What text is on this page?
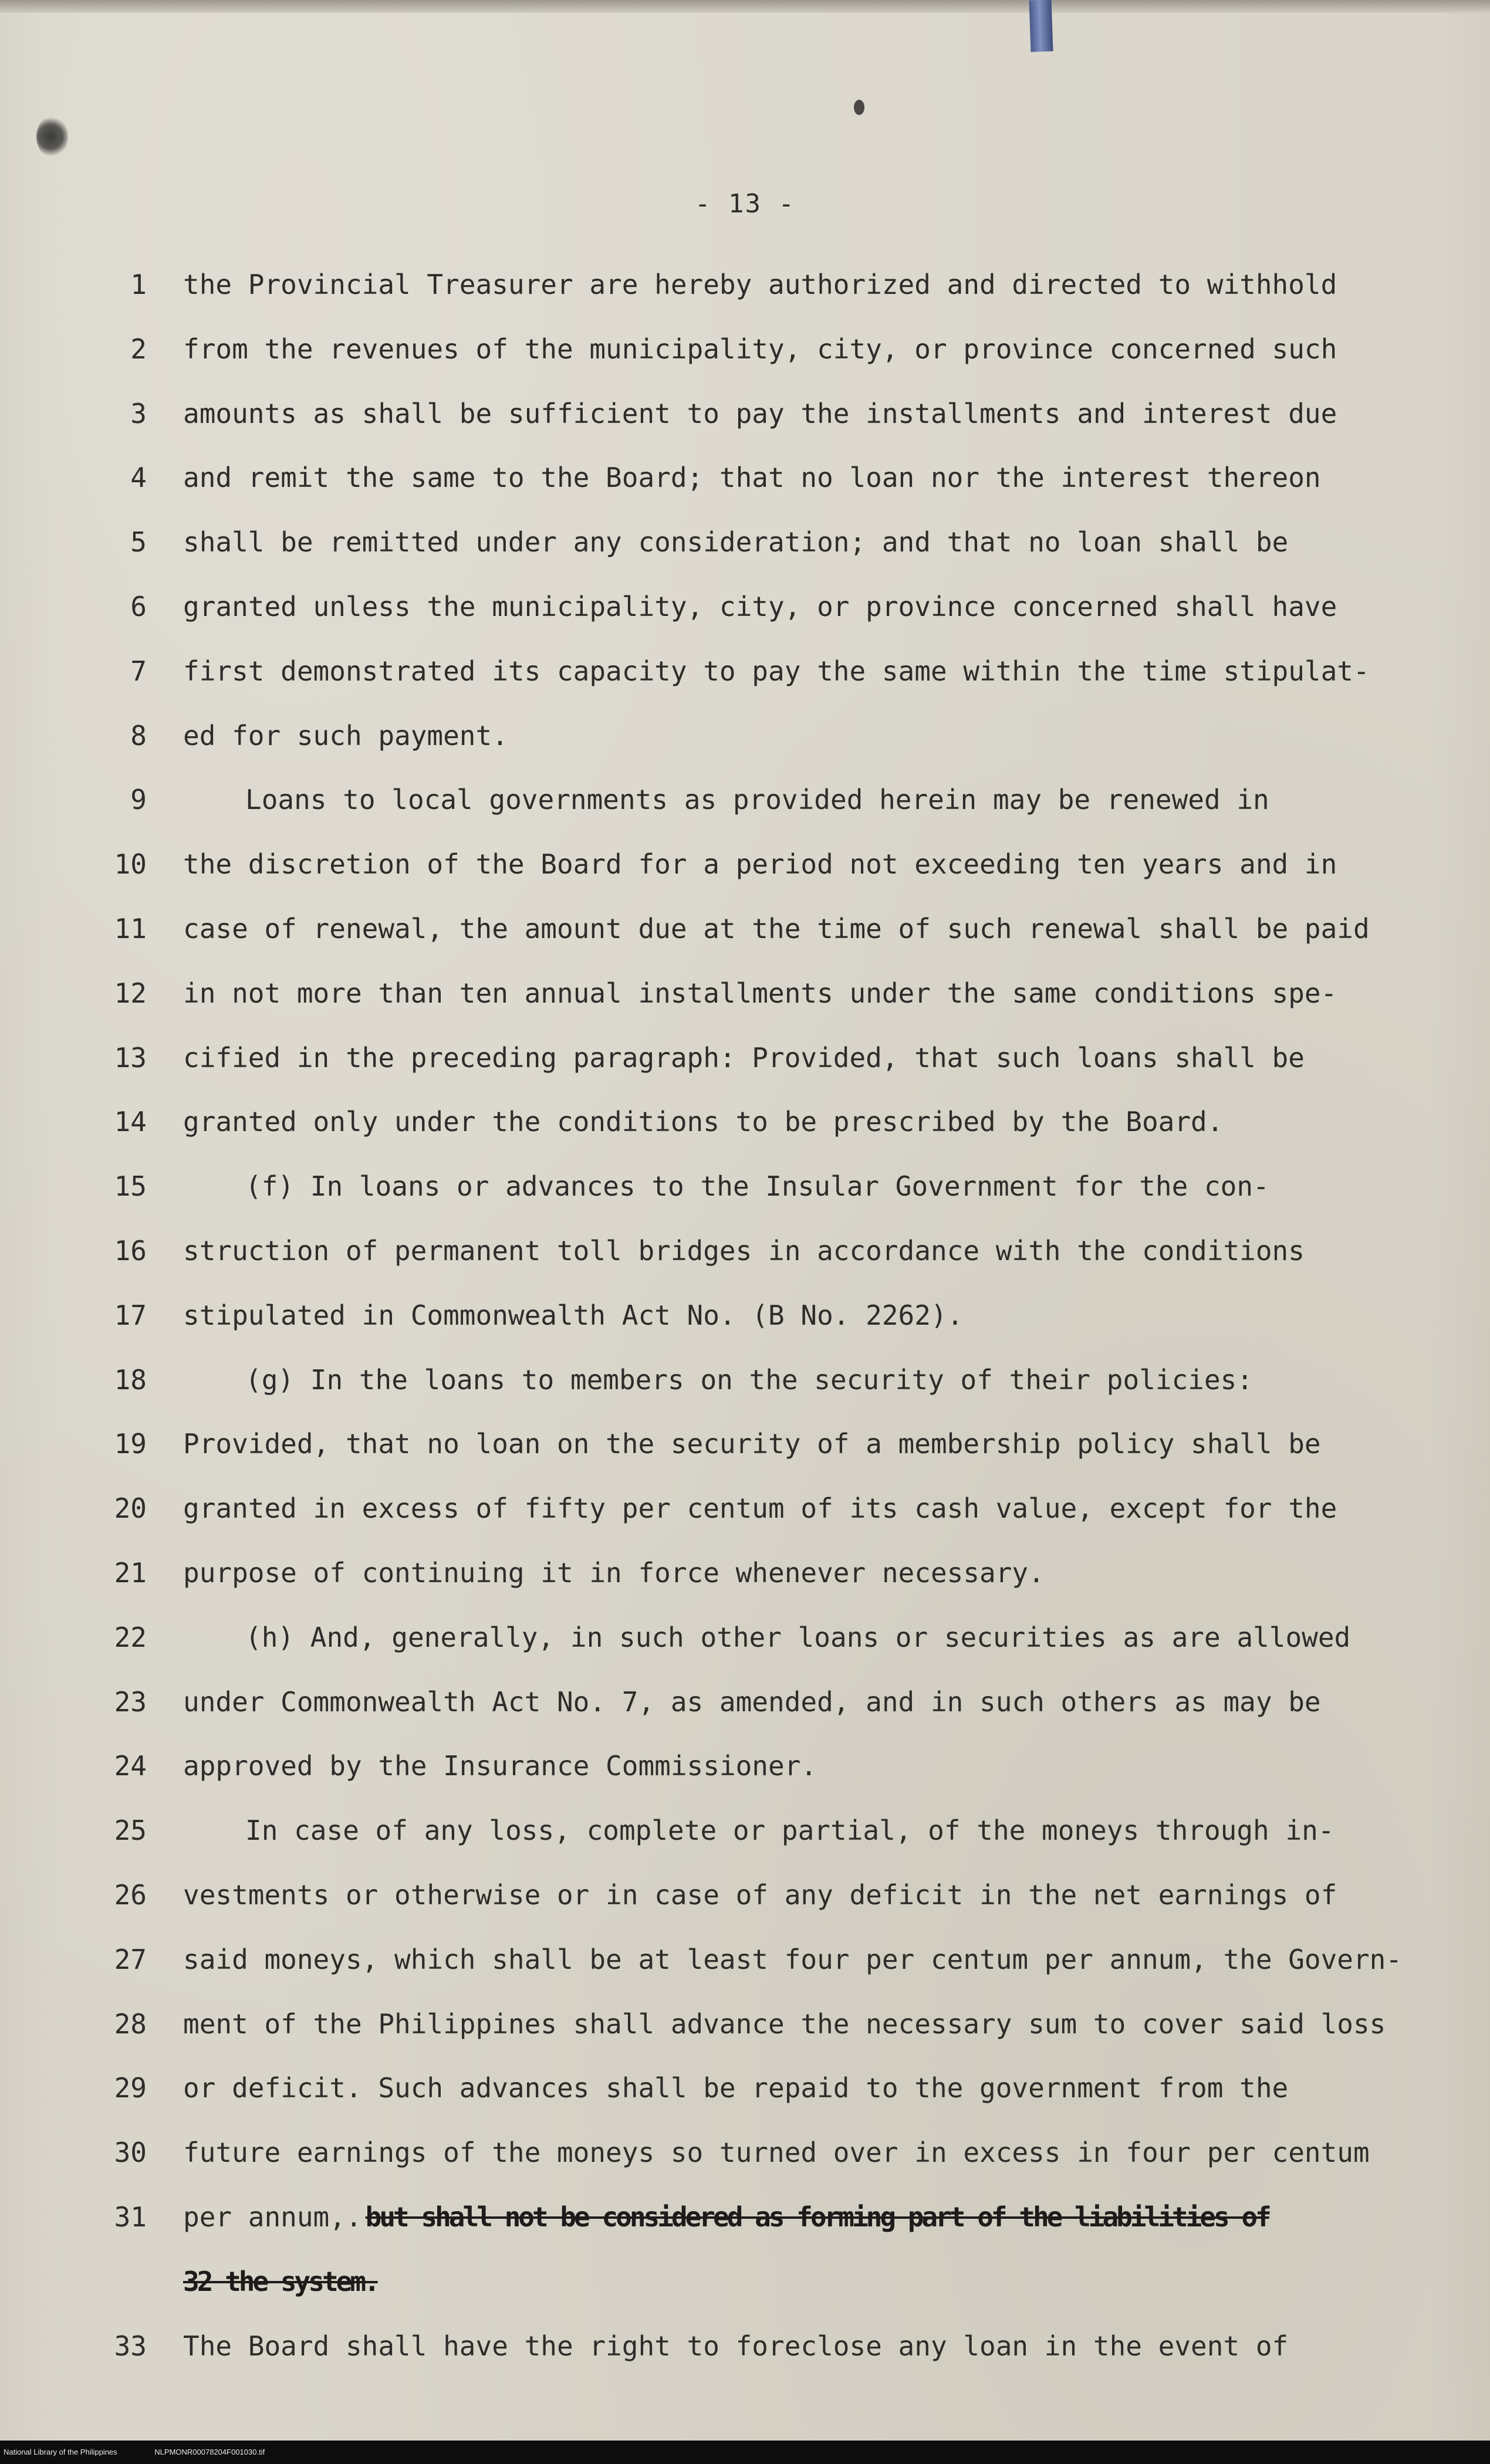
- 13 -
1 the Provincial Treasurer are hereby authorized and directed to withhold
2 from the revenues of the municipality, city, or province concerned such
3 amounts as shall be sufficient to pay the installments and interest due
4 and remit the same to the Board; that no loan nor the interest thereon
5 shall be remitted under any consideration; and that no loan shall be
6 granted unless the municipality, city, or province concerned shall have
7 first demonstrated its capacity to pay the same within the time stipulat-
8 ed for such payment.
9	Loans to local governments as provided herein may be renewed in
10 the discretion of the Board for a period not exceeding ten years and in
11 case of renewal, the amount due at the time of such renewal shall be paid
12 in not more than ten annual installments under the same conditions spe-
13 cified in the preceding paragraph: Provided, that such loans shall be
14 granted only under the conditions to be prescribed by the Board.
15	(f) In loans or advances to the Insular Government for the con-
16 struction of permanent toll bridges in accordance with the conditions
17 stipulated in Commonwealth Act No. (B No. 2262).
18	(g) In the loans to members on the security of their policies:
19 Provided, that no loan on the security of a membership policy shall be
20 granted in excess of fifty per centum of its cash value, except for the
21 purpose of continuing it in force whenever necessary.
22	(h) And, generally, in such other loans or securities as are allowed
23 under Commonwealth Act No. 7, as amended, and in such others as may be
24 approved by the Insurance Commissioner.
25	In case of any loss, complete or partial, of the moneys through in-
26 vestments or otherwise or in case of any deficit in the net earnings of
27 said moneys, which shall be at least four per centum per annum, the Govern-
28 ment of the Philippines shall advance the necessary sum to cover said loss
29 or deficit. Such advances shall be repaid to the government from the
30 future earnings of the moneys so turned over in excess in four per centum
31 per annum,. but shall not be considered as forming part of the liabilities of
32 the system.
33 The Board shall have the right to foreclose any loan in the event of
National Library of the Philippines	NLPMONR00078204F001030.tif
